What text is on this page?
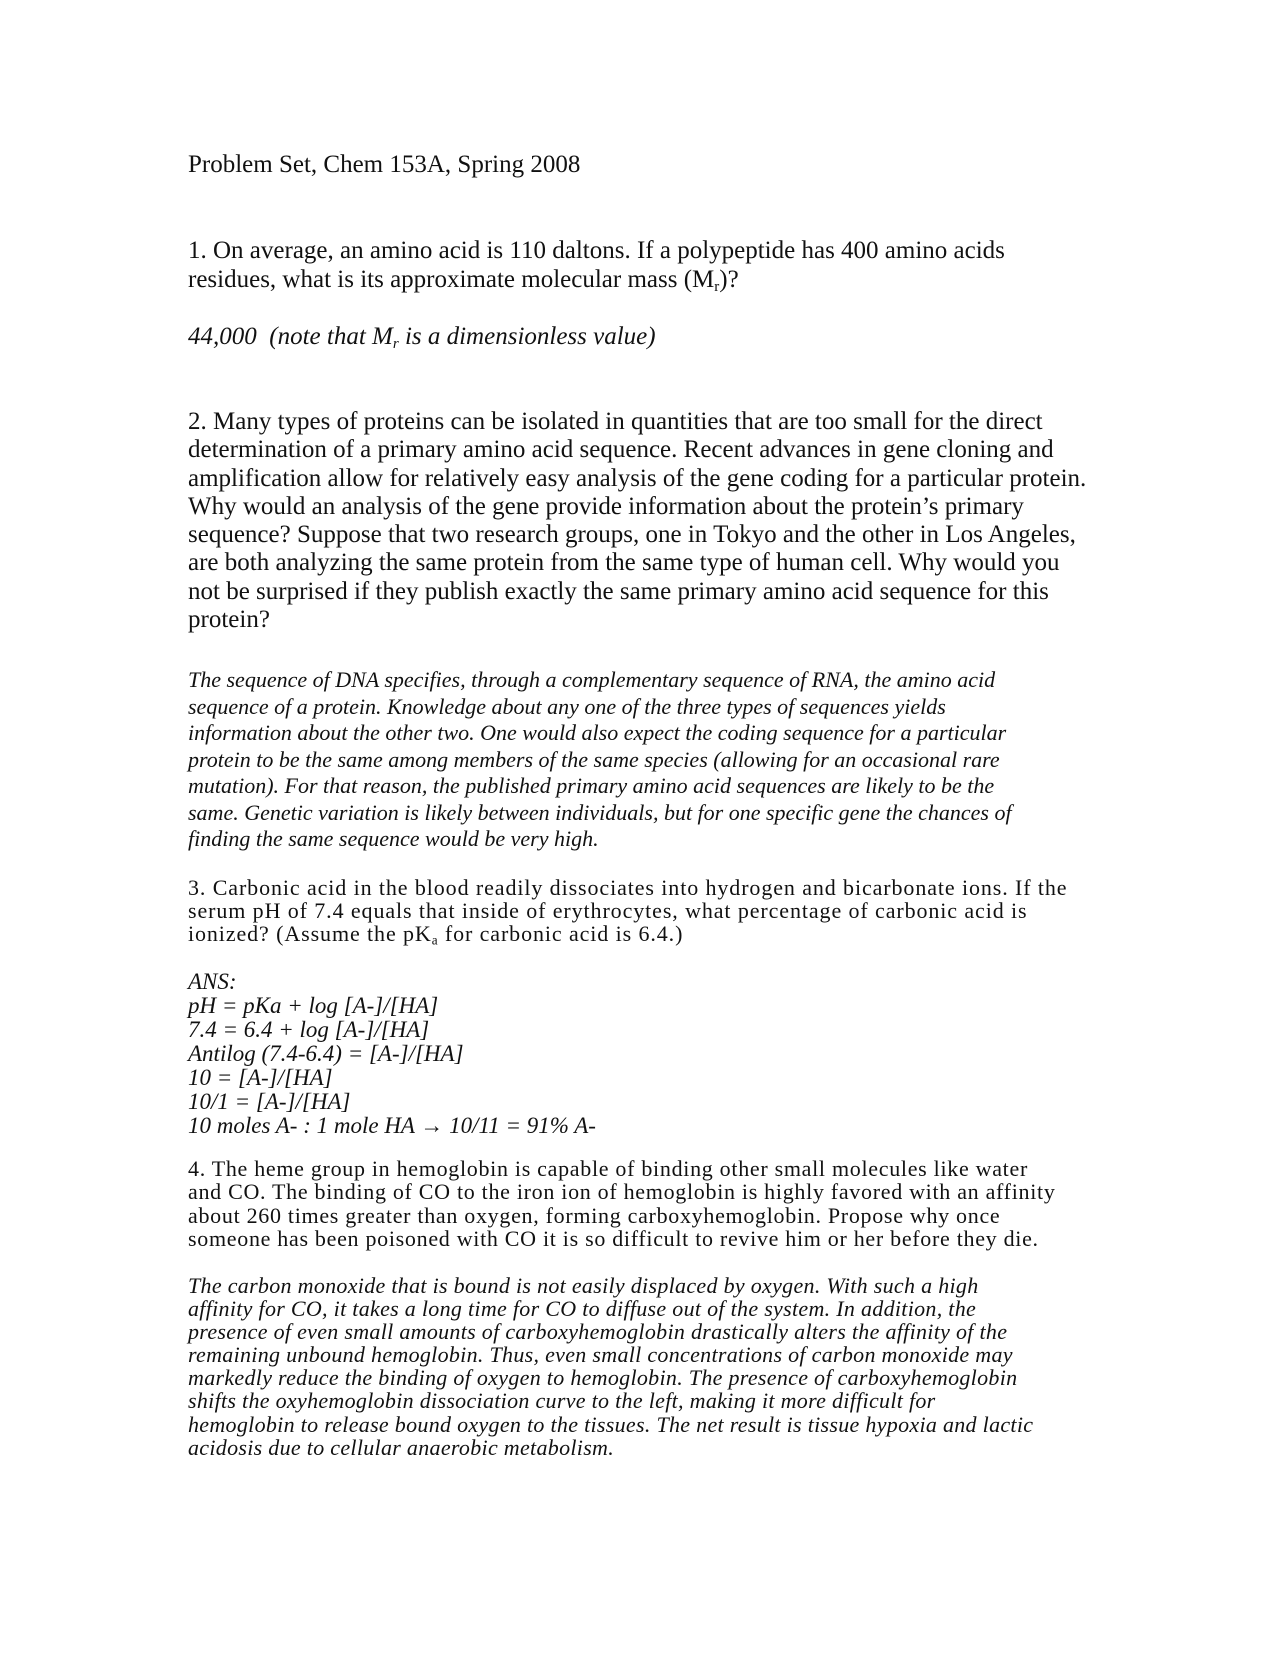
Problem Set, Chem 153A, Spring 2008

1. On average, an amino acid is 110 daltons. If a polypeptide has 400 amino acids
residues, what is its approximate molecular mass $(M_r)$?
44,000 (note that $M_r$ is a dimensionless value)
2. Many types of proteins can be isolated in quantities that are too small for the direct
determination of a primary amino acid sequence. Recent advances in gene cloning and
amplification allow for relatively easy analysis of the gene coding for a particular protein.
Why would an analysis of the gene provide information about the protein’s primary
sequence? Suppose that two research groups, one in Tokyo and the other in Los Angeles,
are both analyzing the same protein from the same type of human cell. Why would you
not be surprised if they publish exactly the same primary amino acid sequence for this
protein?
The sequence of DNA specifies, through a complementary sequence of RNA, the amino acid
sequence of a protein. Knowledge about any one of the three types of sequences yields
information about the other two. One would also expect the coding sequence for a particular
protein to be the same among members of the same species (allowing for an occasional rare
mutation). For that reason, the published primary amino acid sequences are likely to be the
same. Genetic variation is likely between individuals, but for one specific gene the chances of
finding the same sequence would be very high.
3. Carbonic acid in the blood readily dissociates into hydrogen and bicarbonate ions. If the
serum pH of 7.4 equals that inside of erythrocytes, what percentage of carbonic acid is
ionized? (Assume the $pK_a$ for carbonic acid is 6.4.)
ANS:
pH = pKa + log [A-]/[HA]
7.4 = 6.4 + log [A-]/[HA]
Antilog (7.4-6.4) = [A-]/[HA]
10 = [A-]/[HA]
10/1 = [A-]/[HA]
10 moles A- : 1 mole HA → 10/11 = 91% A-
4. The heme group in hemoglobin is capable of binding other small molecules like water
and CO. The binding of CO to the iron ion of hemoglobin is highly favored with an affinity
about 260 times greater than oxygen, forming carboxyhemoglobin. Propose why once
someone has been poisoned with CO it is so difficult to revive him or her before they die.
The carbon monoxide that is bound is not easily displaced by oxygen. With such a high
affinity for CO, it takes a long time for CO to diffuse out of the system. In addition, the
presence of even small amounts of carboxyhemoglobin drastically alters the affinity of the
remaining unbound hemoglobin. Thus, even small concentrations of carbon monoxide may
markedly reduce the binding of oxygen to hemoglobin. The presence of carboxyhemoglobin
shifts the oxyhemoglobin dissociation curve to the left, making it more difficult for
hemoglobin to release bound oxygen to the tissues. The net result is tissue hypoxia and lactic
acidosis due to cellular anaerobic metabolism.
